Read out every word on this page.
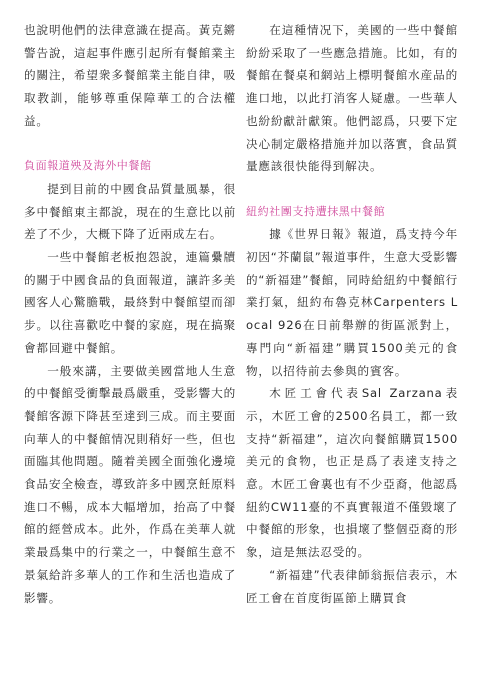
也說明他們的法律意識在提高。黃克鏘警告說，這起事件應引起所有餐館業主的關注，希望衆多餐館業主能自律，吸取教訓，能够尊重保障華工的合法權益。

負面報道殃及海外中餐館

提到目前的中國食品質量風暴，很多中餐館東主都說，現在的生意比以前差了不少，大概下降了近兩成左右。

一些中餐館老板抱怨說，連篇纍牘的關于中國食品的負面報道，讓許多美國客人心驚膽戰，最終對中餐館望而卻步。以往喜歡吃中餐的家庭，現在搞聚會都回避中餐館。

一般來講，主要做美國當地人生意的中餐館受衝擊最爲嚴重，受影響大的餐館客源下降甚至達到三成。而主要面向華人的中餐館情况則稍好一些，但也面臨其他問題。隨着美國全面強化邊境食品安全檢查，導致許多中國烹飪原料進口不暢，成本大幅增加，抬高了中餐館的經營成本。此外，作爲在美華人就業最爲集中的行業之一，中餐館生意不景氣給許多華人的工作和生活也造成了影響。

在這種情况下，美國的一些中餐館紛紛采取了一些應急措施。比如，有的餐館在餐桌和網站上標明餐館水産品的進口地，以此打消客人疑慮。一些華人也紛紛獻計獻策。他們認爲，只要下定决心制定嚴格措施并加以落實，食品質量應該很快能得到解决。

紐約社團支持遭抹黑中餐館

據《世界日報》報道，爲支持今年初因“芥蘭鼠”報道事件，生意大受影響的“新福建”餐館，同時給紐約中餐館行業打氣，紐約布魯克林Carpenters Local 926在日前舉辦的街區派對上，專門向“新福建”購買1500美元的食物，以招待前去參與的賓客。

木匠工會代表Sal Zarzana表示，木匠工會的2500名員工，都一致支持“新福建”，這次向餐館購買1500美元的食物，也正是爲了表達支持之意。木匠工會裏也有不少亞裔，他認爲紐約CW11臺的不真實報道不僅毀壞了中餐館的形象，也損壞了整個亞裔的形象，這是無法忍受的。

“新福建”代表律師翁振信表示，木匠工會在首度街區節上購買食
